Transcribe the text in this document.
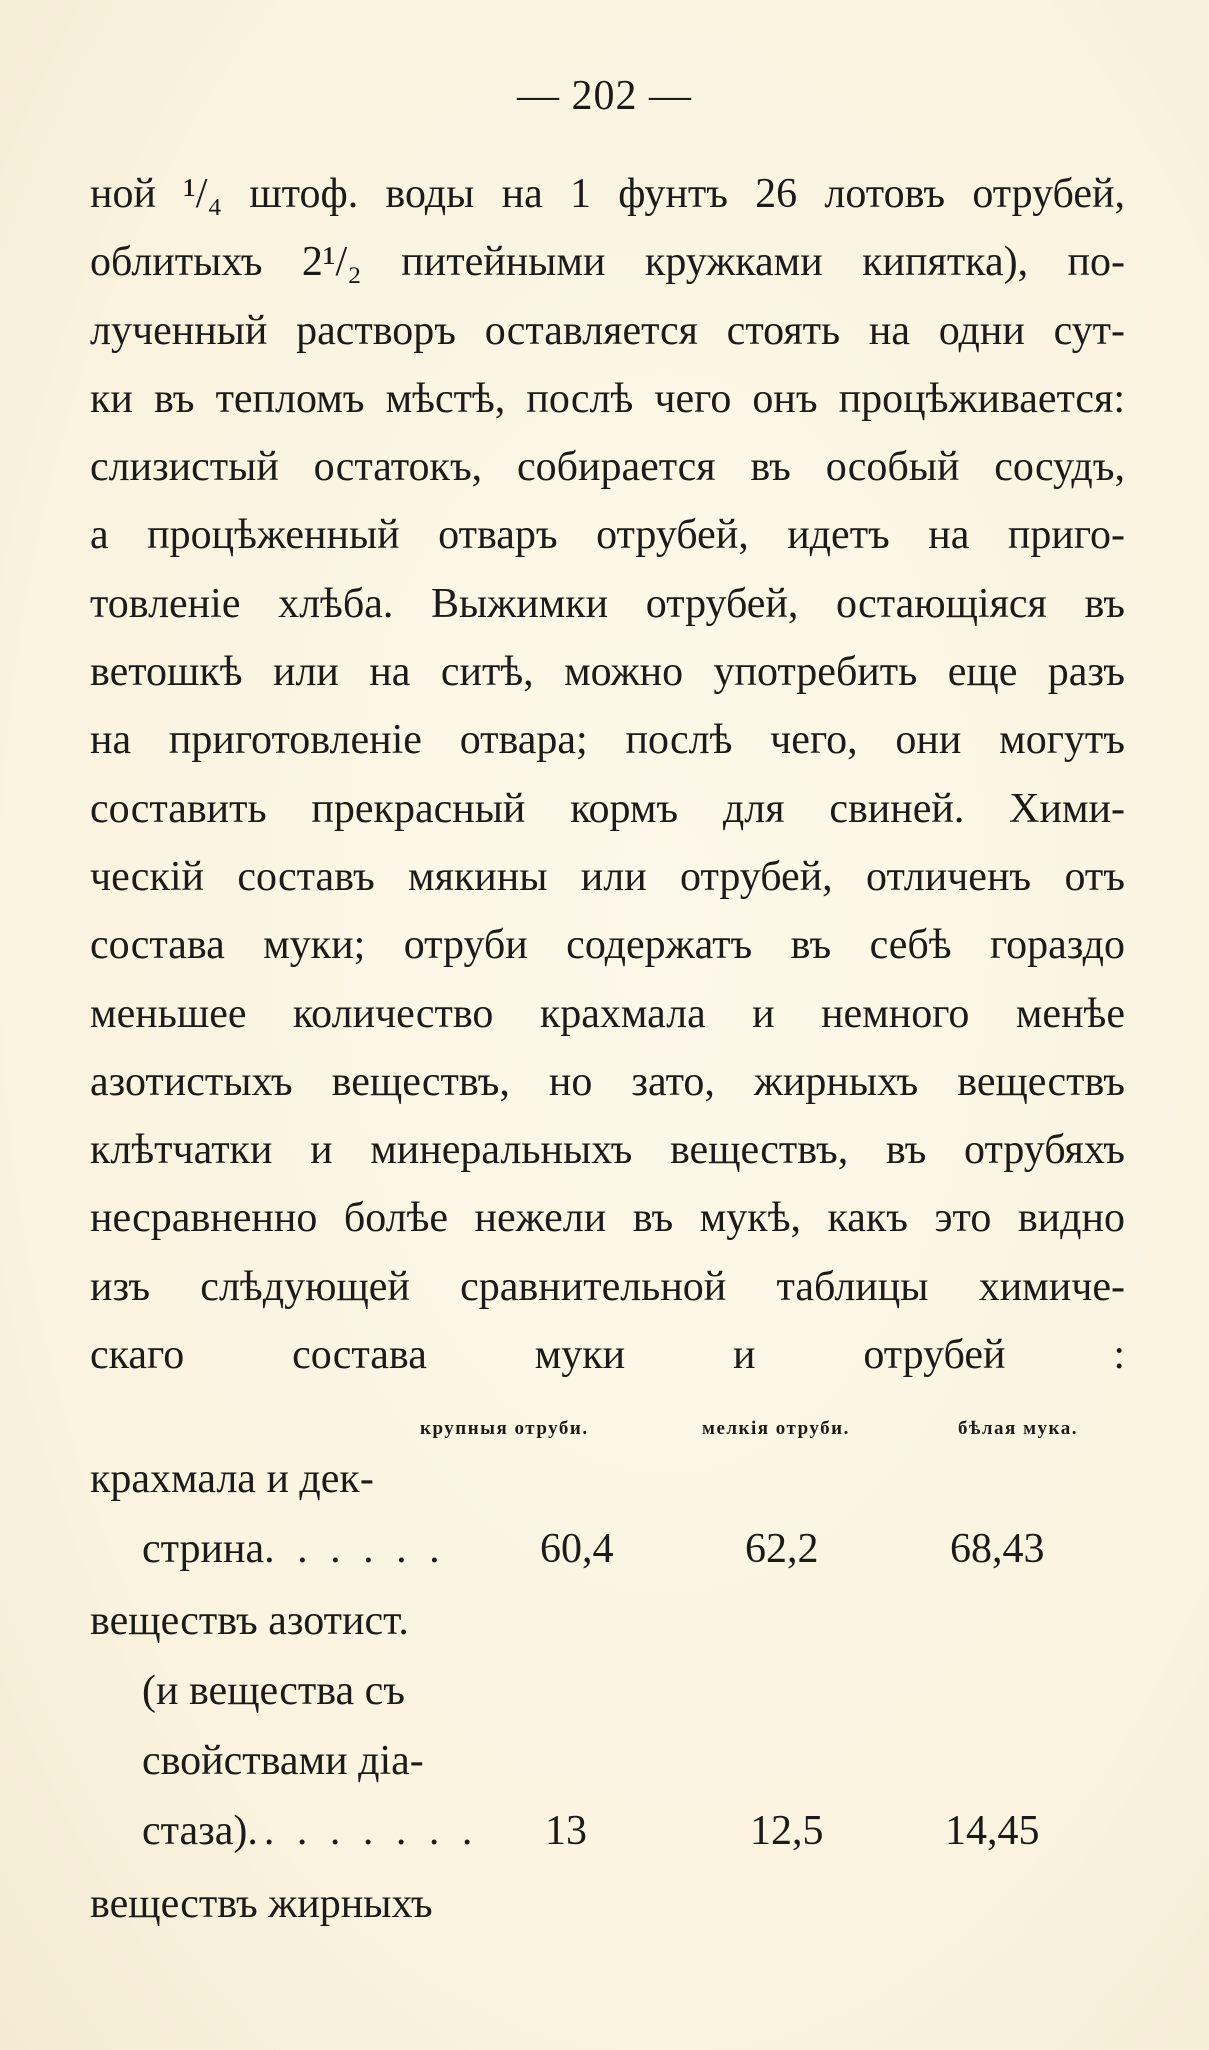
— 202 —
ной ¹/₄ штоф. воды на 1 фунтъ 26 лотовъ отрубей,
облитыхъ 2¹/₂ питейными кружками кипятка), по-
лученный растворъ оставляется стоять на одни сут-
ки въ тепломъ мѣстѣ, послѣ чего онъ процѣживается:
слизистый остатокъ, собирается въ особый сосудъ,
а процѣженный отваръ отрубей, идетъ на приго-
товленіе хлѣба. Выжимки отрубей, остающіяся въ
ветошкѣ или на ситѣ, можно употребить еще разъ
на приготовленіе отвара; послѣ чего, они могутъ
составить прекрасный кормъ для свиней. Хими-
ческій составъ мякины или отрубей, отличенъ отъ
состава муки; отруби содержатъ въ себѣ гораздо
меньшее количество крахмала и немного менѣе
азотистыхъ веществъ, но зато, жирныхъ веществъ
клѣтчатки и минеральныхъ веществъ, въ отрубяхъ
несравненно болѣе нежели въ мукѣ, какъ это видно
изъ слѣдующей сравнительной таблицы химиче-
скаго состава муки и отрубей :
крупныя отруби.	мелкія отруби.	бѣлая мука.
крахмала и дек-
стрина. . . . . . 60,4	62,2	68,43
веществъ азотист.
(и вещества съ
свойствами діа-
стаза).. . . . . . . 13	12,5	14,45
веществъ жирныхъ
